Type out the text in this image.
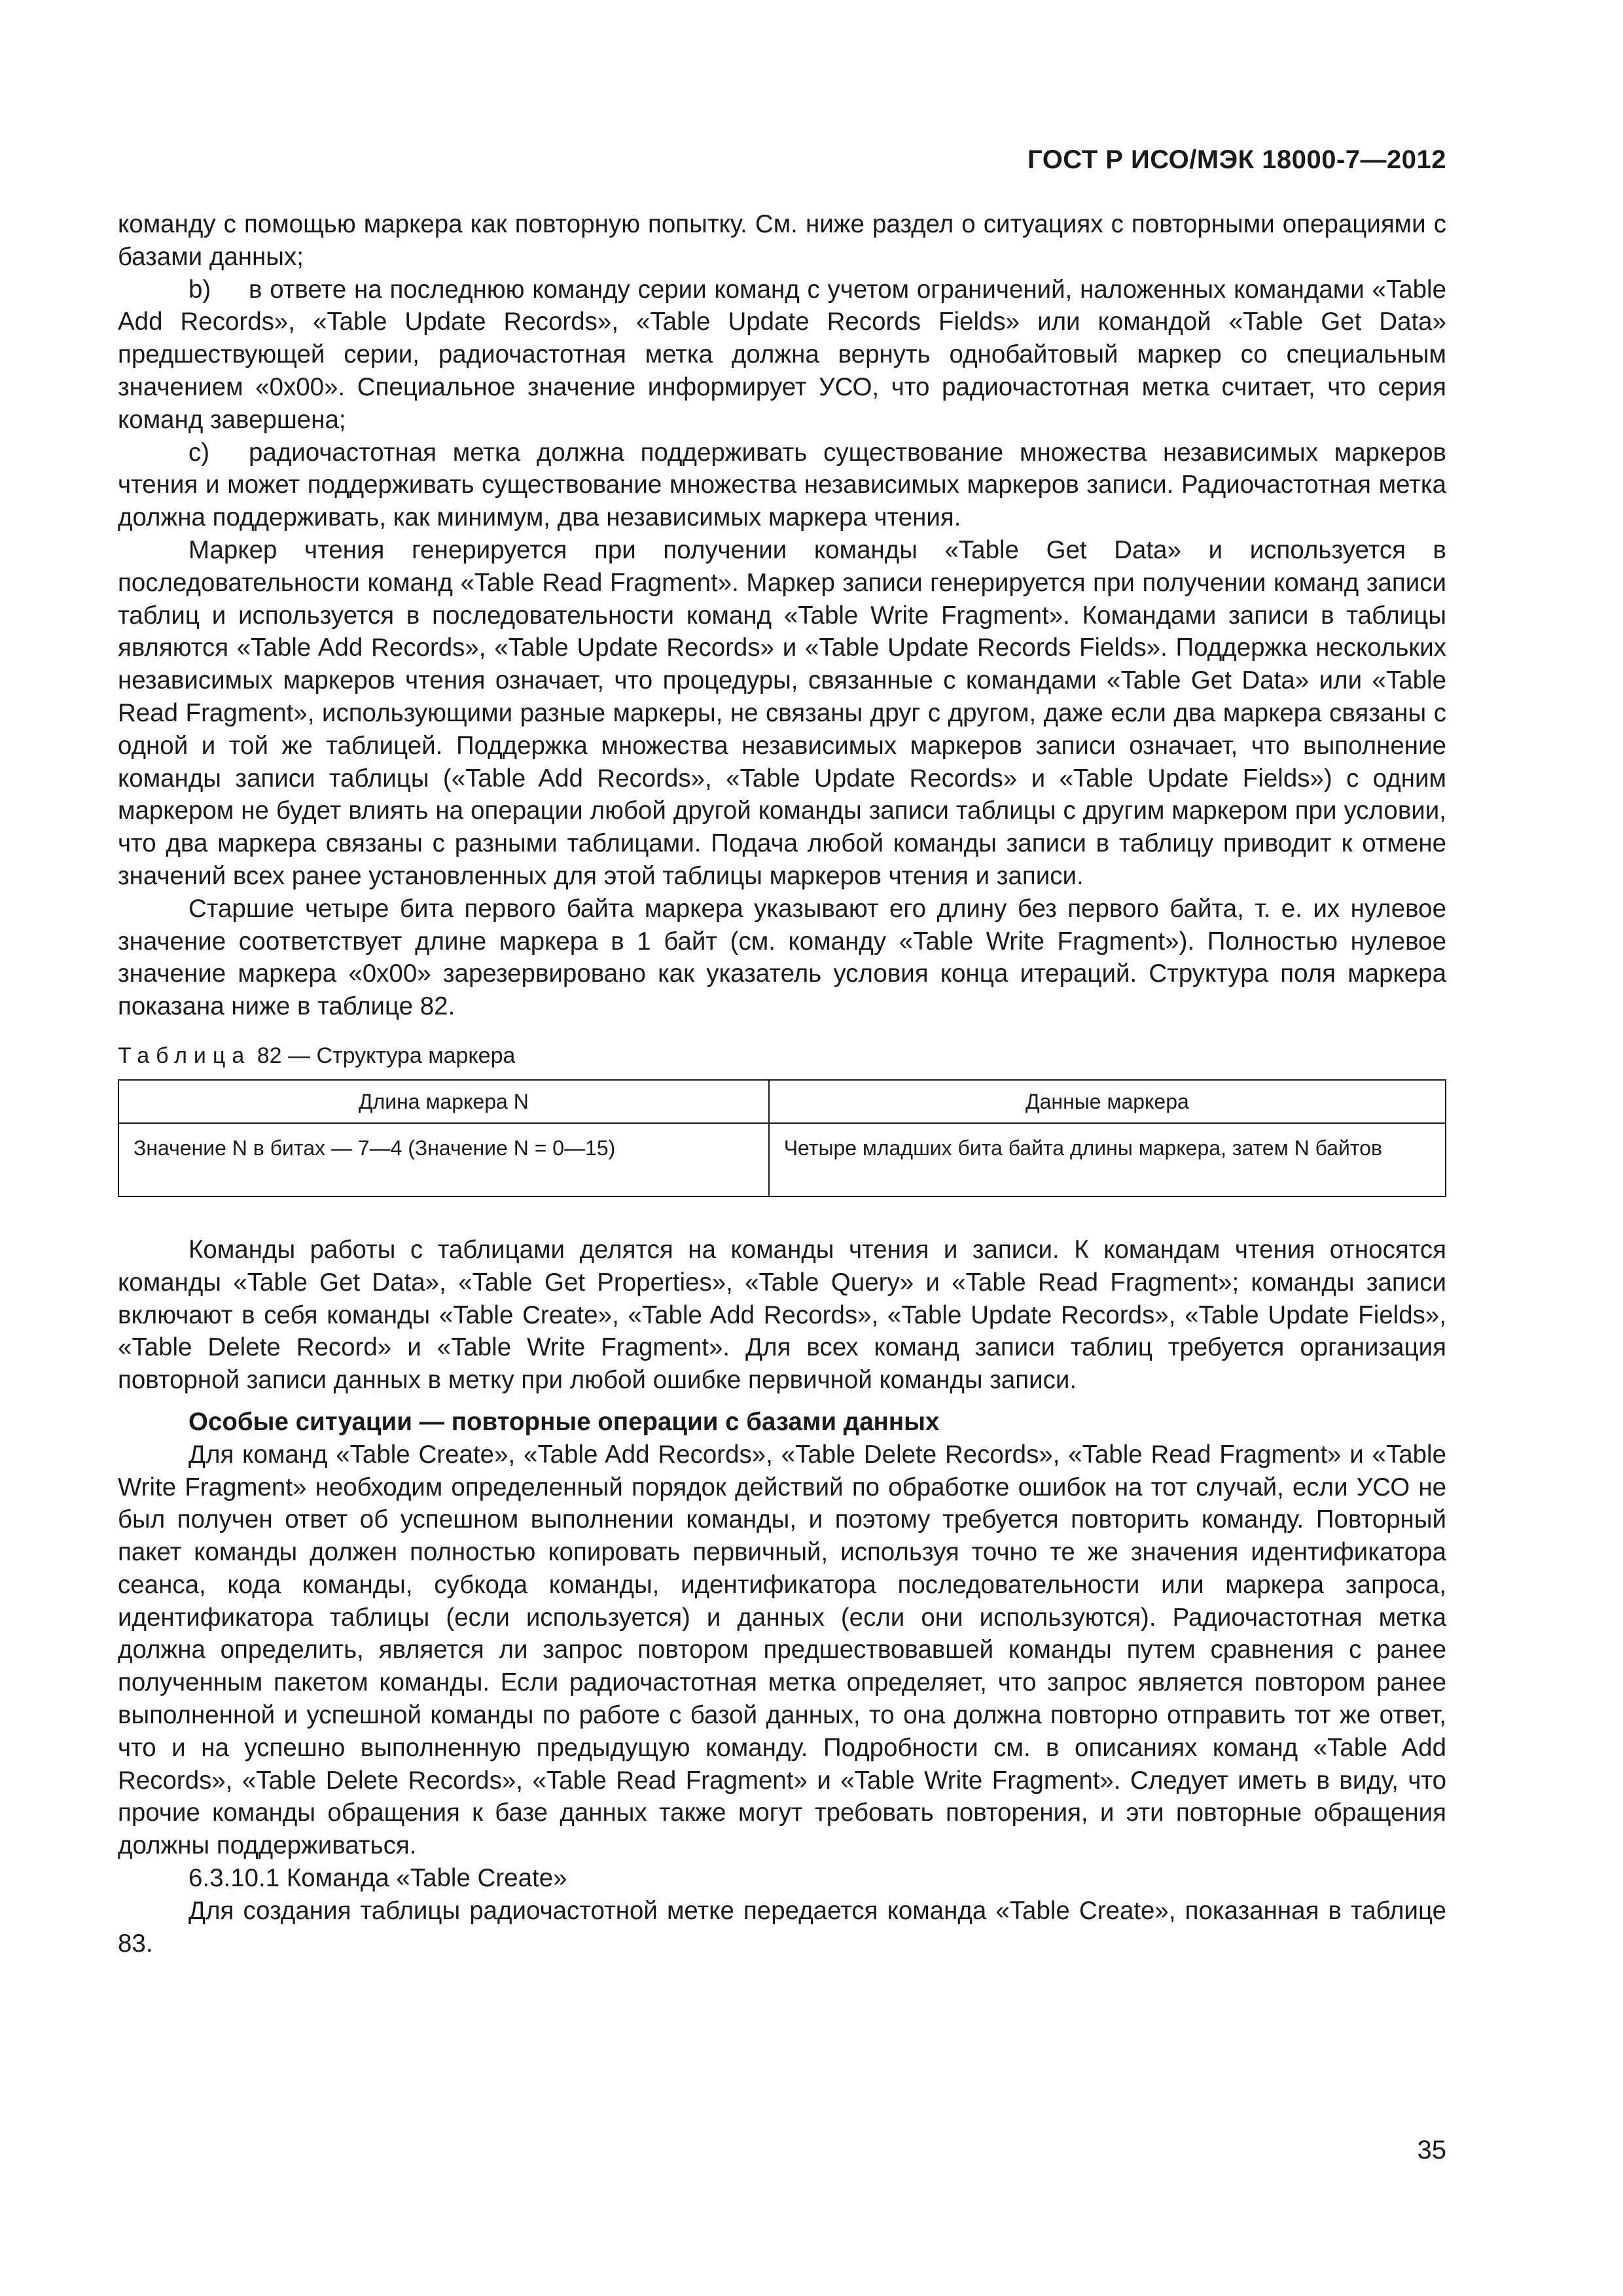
ГОСТ Р ИСО/МЭК 18000-7—2012

команду с помощью маркера как повторную попытку. См. ниже раздел о ситуациях с повторными операциями с базами данных;

b) в ответе на последнюю команду серии команд с учетом ограничений, наложенных командами «Table Add Records», «Table Update Records», «Table Update Records Fields» или командой «Table Get Data» предшествующей серии, радиочастотная метка должна вернуть однобайтовый маркер со специальным значением «0x00». Специальное значение информирует УСО, что радиочастотная метка считает, что серия команд завершена;

c) радиочастотная метка должна поддерживать существование множества независимых маркеров чтения и может поддерживать существование множества независимых маркеров записи. Радиочастотная метка должна поддерживать, как минимум, два независимых маркера чтения.

Маркер чтения генерируется при получении команды «Table Get Data» и используется в последовательности команд «Table Read Fragment». Маркер записи генерируется при получении команд записи таблиц и используется в последовательности команд «Table Write Fragment». Командами записи в таблицы являются «Table Add Records», «Table Update Records» и «Table Update Records Fields». Поддержка нескольких независимых маркеров чтения означает, что процедуры, связанные с командами «Table Get Data» или «Table Read Fragment», использующими разные маркеры, не связаны друг с другом, даже если два маркера связаны с одной и той же таблицей. Поддержка множества независимых маркеров записи означает, что выполнение команды записи таблицы («Table Add Records», «Table Update Records» и «Table Update Fields») с одним маркером не будет влиять на операции любой другой команды записи таблицы с другим маркером при условии, что два маркера связаны с разными таблицами. Подача любой команды записи в таблицу приводит к отмене значений всех ранее установленных для этой таблицы маркеров чтения и записи.

Старшие четыре бита первого байта маркера указывают его длину без первого байта, т. е. их нулевое значение соответствует длине маркера в 1 байт (см. команду «Table Write Fragment»). Полностью нулевое значение маркера «0x00» зарезервировано как указатель условия конца итераций. Структура поля маркера показана ниже в таблице 82.

Таблица 82 — Структура маркера

Длина маркера N	Данные маркера
Значение N в битах — 7—4 (Значение N = 0—15)	Четыре младших бита байта длины маркера, затем N байтов

Команды работы с таблицами делятся на команды чтения и записи. К командам чтения относятся команды «Table Get Data», «Table Get Properties», «Table Query» и «Table Read Fragment»; команды записи включают в себя команды «Table Create», «Table Add Records», «Table Update Records», «Table Update Fields», «Table Delete Record» и «Table Write Fragment». Для всех команд записи таблиц требуется организация повторной записи данных в метку при любой ошибке первичной команды записи.

Особые ситуации — повторные операции с базами данных

Для команд «Table Create», «Table Add Records», «Table Delete Records», «Table Read Fragment» и «Table Write Fragment» необходим определенный порядок действий по обработке ошибок на тот случай, если УСО не был получен ответ об успешном выполнении команды, и поэтому требуется повторить команду. Повторный пакет команды должен полностью копировать первичный, используя точно те же значения идентификатора сеанса, кода команды, субкода команды, идентификатора последовательности или маркера запроса, идентификатора таблицы (если используется) и данных (если они используются). Радиочастотная метка должна определить, является ли запрос повтором предшествовавшей команды путем сравнения с ранее полученным пакетом команды. Если радиочастотная метка определяет, что запрос является повтором ранее выполненной и успешной команды по работе с базой данных, то она должна повторно отправить тот же ответ, что и на успешно выполненную предыдущую команду. Подробности см. в описаниях команд «Table Add Records», «Table Delete Records», «Table Read Fragment» и «Table Write Fragment». Следует иметь в виду, что прочие команды обращения к базе данных также могут требовать повторения, и эти повторные обращения должны поддерживаться.

6.3.10.1 Команда «Table Create»

Для создания таблицы радиочастотной метке передается команда «Table Create», показанная в таблице 83.

35
